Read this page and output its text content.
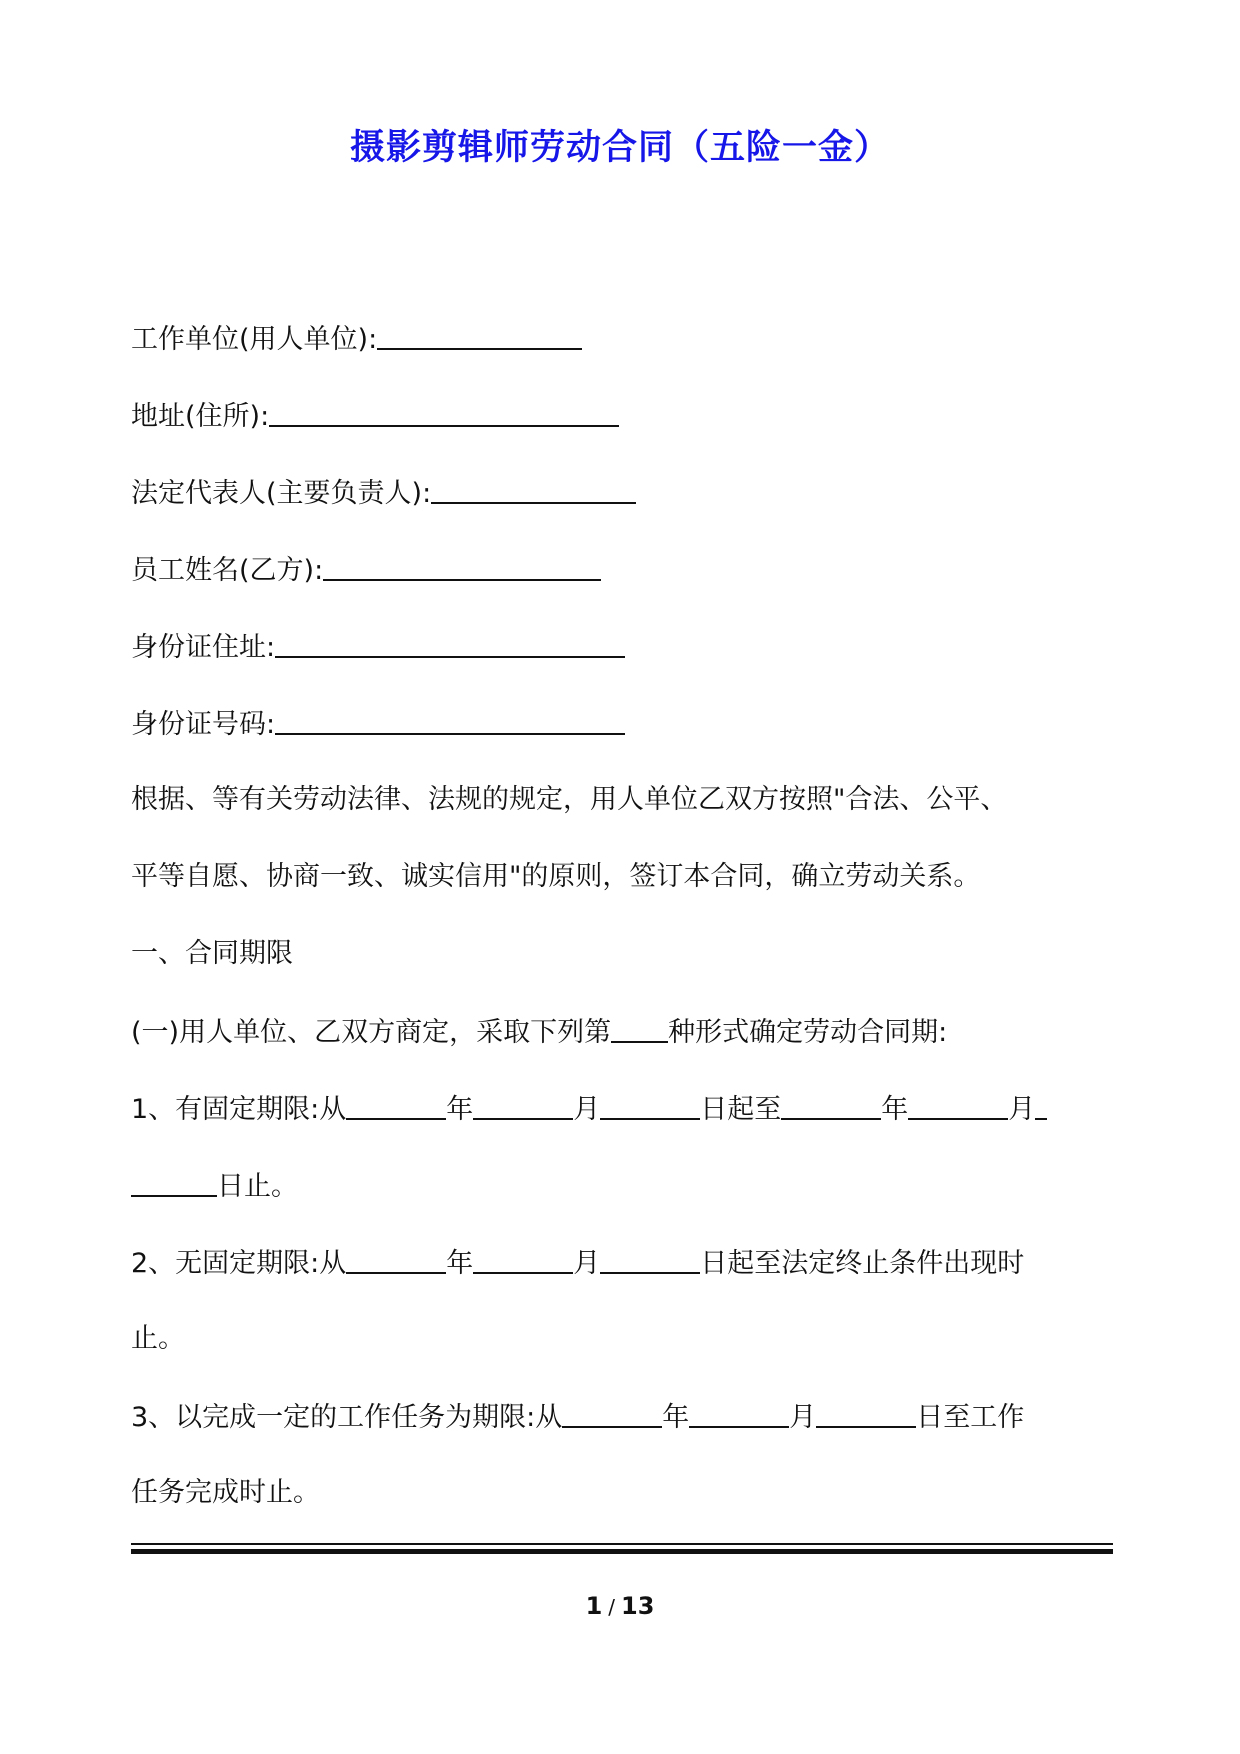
摄影剪辑师劳动合同（五险一金）
工作单位(用人单位):
地址(住所):
法定代表人(主要负责人):
员工姓名(乙方):
身份证住址:
身份证号码:
根据、等有关劳动法律、法规的规定，用人单位乙双方按照"合法、公平、
平等自愿、协商一致、诚实信用"的原则，签订本合同，确立劳动关系。
一、合同期限
(一)用人单位、乙双方商定，采取下列第 种形式确定劳动合同期:
1、有固定期限:从	年	月	日起至	年	月
日止。
2、无固定期限:从	年	月	日起至法定终止条件出现时
止。
3、以完成一定的工作任务为期限:从	年	月	日至工作
任务完成时止。
1 / 13
